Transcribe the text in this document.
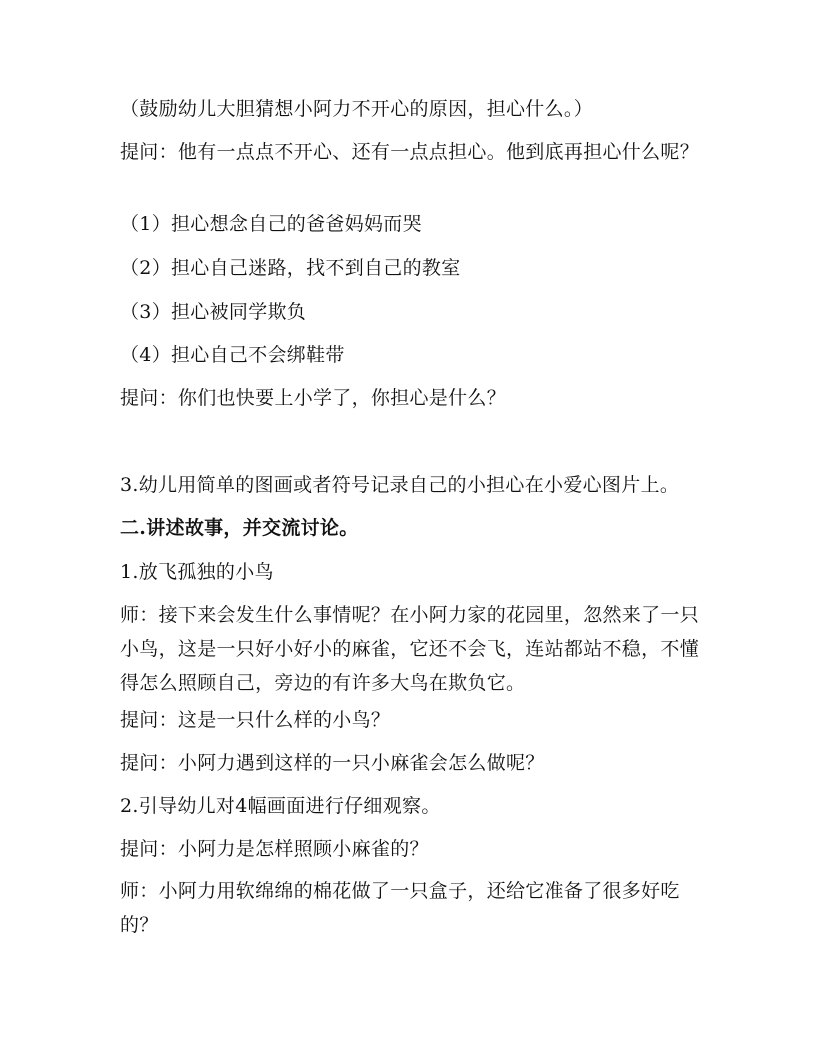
（鼓励幼儿大胆猜想小阿力不开心的原因，担心什么。）

提问：他有一点点不开心、还有一点点担心。他到底再担心什么呢？

（1）担心想念自己的爸爸妈妈而哭

（2）担心自己迷路，找不到自己的教室

（3）担心被同学欺负

（4）担心自己不会绑鞋带

提问：你们也快要上小学了，你担心是什么？

3.幼儿用简单的图画或者符号记录自己的小担心在小爱心图片上。

二.讲述故事，并交流讨论。

1.放飞孤独的小鸟

师：接下来会发生什么事情呢？在小阿力家的花园里，忽然来了一只小鸟，这是一只好小好小的麻雀，它还不会飞，连站都站不稳，不懂得怎么照顾自己，旁边的有许多大鸟在欺负它。

提问：这是一只什么样的小鸟？

提问：小阿力遇到这样的一只小麻雀会怎么做呢？

2.引导幼儿对4幅画面进行仔细观察。

提问：小阿力是怎样照顾小麻雀的？

师：小阿力用软绵绵的棉花做了一只盒子，还给它准备了很多好吃的？
